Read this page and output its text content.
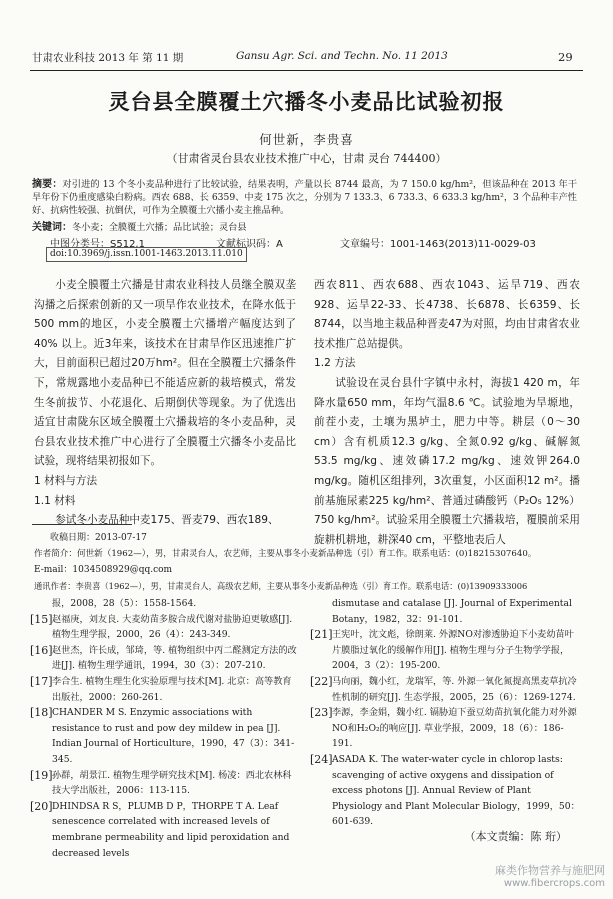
甘肃农业科技 2013 年 第 11 期	Gansu Agr. Sci. and Techn. No. 11 2013	29
灵台县全膜覆土穴播冬小麦品比试验初报
何世新，李贵喜
（甘肃省灵台县农业技术推广中心，甘肃 灵台 744400）
摘要：对引进的 13 个冬小麦品种进行了比较试验，结果表明，产量以长 8744 最高，为 7 150.0 kg/hm²，但该品种在 2013 年干旱年份下仍重度感染白粉病。西农 688、长 6359、中麦 175 次之，分别为 7 133.3、6 733.3、6 633.3 kg/hm²，3 个品种丰产性好、抗病性较强、抗倒伏，可作为全膜覆土穴播小麦主推品种。
关键词：冬小麦；全膜覆土穴播；品比试验；灵台县
中图分类号：S512.1	文献标识码：A	文章编号：1001-1463(2013)11-0029-03
doi:10.3969/j.issn.1001-1463.2013.11.010

小麦全膜覆土穴播是甘肃农业科技人员继全膜双垄沟播之后探索创新的又一项旱作农业技术，在降水低于500 mm的地区，小麦全膜覆土穴播增产幅度达到了40% 以上。近3年来，该技术在甘肃旱作区迅速推广扩大，目前面积已超过20万hm²。但在全膜覆土穴播条件下，常规露地小麦品种已不能适应新的栽培模式，常发生冬前拔节、小花退化、后期倒伏等现象。为了优选出适宜甘肃陇东区域全膜覆土穴播栽培的冬小麦品种，灵台县农业技术推广中心进行了全膜覆土穴播冬小麦品比试验，现将结果初报如下。

1 材料与方法
1.1 材料

参试冬小麦品种中麦175、晋麦79、西农189、

西农811、西农688、西农1043、运旱719、西农928、运旱22-33、长4738、长6878、长6359、长8744，以当地主栽品种晋麦47为对照，均由甘肃省农业技术推广总站提供。

1.2 方法

试验设在灵台县什字镇中永村，海拔1 420 m，年降水量650 mm，年均气温8.6 ℃。试验地为旱塬地，前茬小麦，土壤为黑垆土，肥力中等。耕层（0～30 cm）含有机质12.3 g/kg、全氮0.92 g/kg、碱解氮53.5 mg/kg、速效磷17.2 mg/kg、速效钾264.0 mg/kg。随机区组排列，3次重复，小区面积12 m²。播前基施尿素225 kg/hm²、普通过磷酸钙（P₂O₅ 12%）750 kg/hm²。试验采用全膜覆土穴播栽培，覆膜前采用旋耕机耕地，耕深40 cm，平整地表后人

收稿日期：2013-07-17
作者简介：何世新（1962—），男，甘肃灵台人，农艺师，主要从事冬小麦新品种选（引）育工作。联系电话：(0)18215307640。
E-mail：1034508929@qq.com
通讯作者：李贵喜（1962—），男，甘肃灵台人，高级农艺师，主要从事冬小麦新品种选（引）育工作。联系电话：(0)13909333006
报，2008，28（5）：1558-1564.
[15] 赵福庚，刘友良. 大麦幼苗多胺合成代谢对盐胁迫更敏感[J]. 植物生理学报，2000，26（4）：243-349.
[16] 赵世杰，许长成，邹琦，等. 植物组织中丙二醛测定方法的改进[J]. 植物生理学通讯，1994，30（3）：207-210.
[17] 李合生. 植物生理生化实验原理与技术[M]. 北京：高等教育出版社，2000：260-261.
[18] CHANDER M S. Enzymic associations with resistance to rust and pow dey mildew in pea [J]. Indian Journal of Horticulture，1990，47（3）：341-345.
[19] 孙群，胡景江. 植物生理学研究技术[M]. 杨凌：西北农林科技大学出版社，2006：113-115.
[20] DHINDSA R S，PLUMB D P，THORPE T A. Leaf senescence correlated with increased levels of membrane permeability and lipid peroxidation and decreased levels
dismutase and catalase [J]. Journal of Experimental Botany，1982，32：91-101.
[21] 王宪叶，沈文彪，徐朗莱. 外源NO对渗透胁迫下小麦幼苗叶片膜脂过氧化的缓解作用[J]. 植物生理与分子生物学学报，2004，3（2）：195-200.
[22] 马向丽，魏小红，龙瑞军，等. 外源一氧化氮提高黑麦草抗冷性机制的研究[J]. 生态学报，2005，25（6）：1269-1274.
[23] 李源，李金娟，魏小红. 镉胁迫下蚕豆幼苗抗氧化能力对外源NO和H₂O₂的响应[J]. 草业学报，2009，18（6）：186-191.
[24] ASADA K. The water-water cycle in chlorop lasts: scavenging of active oxygens and dissipation of excess photons [J]. Annual Review of Plant Physiology and Plant Molecular Biology，1999，50：601-639.
（本文责编：陈 珩）
麻类作物营养与施肥网
www.fibercrops.com
